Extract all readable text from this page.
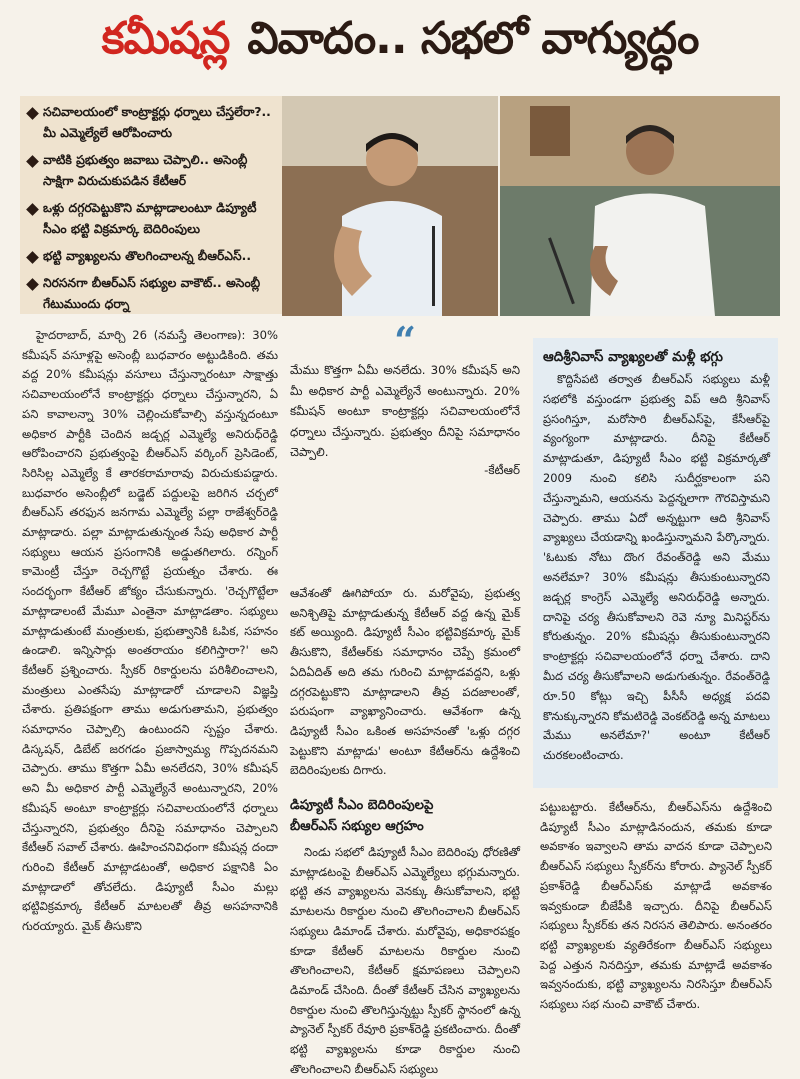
కమీషన్ల వివాదం.. సభలో వాగ్యుద్ధం
సచివాలయంలో కాంట్రాక్టర్లు ధర్నాలు చేస్తలేరా?.. మీ ఎమ్మెల్యేలే ఆరోపించారు
వాటికి ప్రభుత్వం జవాబు చెప్పాలి.. అసెంబ్లీ సాక్షిగా విరుచుకుపడిన కేటీఆర్
ఒళ్లు దగ్గరపెట్టుకొని మాట్లాడాలంటూ డిప్యూటీ సీఎం భట్టి విక్రమార్క బెదిరింపులు
భట్టి వ్యాఖ్యలను తొలగించాలన్న బీఆర్‌ఎస్..
నిరసనగా బీఆర్‌ఎస్ సభ్యుల వాకౌట్.. అసెంబ్లీ గేటుముందు ధర్నా

హైదరాబాద్, మార్చి 26 (నమస్తే తెలంగాణ): 30% కమీషన్ వసూళ్లపై అసెంబ్లీ బుధవారం అట్టుడికింది. తమ వద్ద 20% కమీషన్లు వసూలు చేస్తున్నారంటూ సాక్షాత్తు సచివాలయంలోనే కాంట్రాక్టర్లు ధర్నాలు చేస్తున్నారని, ఏ పని కావాలన్నా 30% చెల్లించుకోవాల్సి వస్తున్నదంటూ అధికార పార్టీకి చెందిన జడ్చర్ల ఎమ్మెల్యే అనిరుధ్‌రెడ్డి ఆరోపించారని ప్రభుత్వంపై బీఆర్‌ఎస్ వర్కింగ్ ప్రెసిడెంట్, సిరిసిల్ల ఎమ్మెల్యే కే తారకరామారావు విరుచుకుపడ్డారు. బుధవారం అసెంబ్లీలో బడ్జెట్ పద్దులపై జరిగిన చర్చలో బీఆర్‌ఎస్ తరఫున జనగామ ఎమ్మెల్యే పల్లా రాజేశ్వర్‌రెడ్డి మాట్లాడారు. పల్లా మాట్లాడుతున్నంత సేపు అధికార పార్టీ సభ్యులు ఆయన ప్రసంగానికి అడ్డుతగిలారు. రన్నింగ్ కామెంట్రీ చేస్తూ రెచ్చగొట్టే ప్రయత్నం చేశారు. ఈ సందర్భంగా కేటీఆర్ జోక్యం చేసుకున్నారు. 'రెచ్చగొట్టేలా మాట్లాడాలంటే మేమూ ఎంతైనా మాట్లాడతాం. సభ్యులు మాట్లాడుతుంటే మంత్రులకు, ప్రభుత్వానికి ఓపిక, సహనం ఉండాలి. ఇన్నిసార్లు అంతరాయం కలిగిస్తారా?' అని కేటీఆర్ ప్రశ్నించారు. స్పీకర్ రికార్డులను పరిశీలించాలని, మంత్రులు ఎంతసేపు మాట్లాడారో చూడాలని విజ్ఞప్తి చేశారు. ప్రతిపక్షంగా తాము అడుగుతామని, ప్రభుత్వం సమాధానం చెప్పాల్సి ఉంటుందని స్పష్టం చేశారు. డిస్కషన్, డిబేట్ జరగడం ప్రజాస్వామ్య గొప్పదనమని చెప్పారు. తాము కొత్తగా ఏమీ అనలేదని, 30% కమీషన్ అని మీ అధికార పార్టీ ఎమ్మెల్యేనే అంటున్నారని, 20% కమీషన్ అంటూ కాంట్రాక్టర్లు సచివాలయంలోనే ధర్నాలు చేస్తున్నారని, ప్రభుత్వం దీనిపై సమాధానం చెప్పాలని కేటీఆర్ సవాల్ చేశారు. ఊహించనివిధంగా కమీషన్ల దందా గురించి కేటీఆర్ మాట్లాడటంతో, అధికార పక్షానికి ఏం మాట్లాడాలో తోచలేదు. డిప్యూటీ సీఎం మల్లు భట్టివిక్రమార్క కేటీఆర్ మాటలతో తీవ్ర అసహనానికి గురయ్యారు. మైక్ తీసుకొని

“
మేము కొత్తగా ఏమీ అనలేదు. 30% కమీషన్ అని మీ అధికార పార్టీ ఎమ్మెల్యేనే అంటున్నారు. 20% కమీషన్ అంటూ కాంట్రాక్టర్లు సచివాలయంలోనే ధర్నాలు చేస్తున్నారు. ప్రభుత్వం దీనిపై సమాధానం చెప్పాలి.
-కేటీఆర్

ఆవేశంతో ఊగిపోయా రు. మరోవైపు, ప్రభుత్వ అనిశ్చితిపై మాట్లాడుతున్న కేటీఆర్ వద్ద ఉన్న మైక్ కట్ అయ్యింది. డిప్యూటీ సీఎం భట్టివిక్రమార్క మైక్ తీసుకొని, కేటీఆర్‌కు సమాధానం చెప్పే క్రమంలో ఏదిఏదిత్ అది తమ గురించి మాట్లాడవద్దని, ఒళ్లు దగ్గరపెట్టుకొని మాట్లాడాలని తీవ్ర పదజాలంతో, పరుషంగా వ్యాఖ్యానించారు. ఆవేశంగా ఉన్న డిప్యూటీ సీఎం ఒకింత అసహనంతో 'ఒళ్లు దగ్గర పెట్టుకొని మాట్లాడు' అంటూ కేటీఆర్‌ను ఉద్దేశించి బెదిరింపులకు దిగారు.

డిప్యూటీ సీఎం బెదిరింపులపై
బీఆర్‌ఎస్ సభ్యుల ఆగ్రహం

నిండు సభలో డిప్యూటీ సీఎం బెదిరింపు ధోరణితో మాట్లాడటంపై బీఆర్‌ఎస్ ఎమ్మెల్యేలు భగ్గుమన్నారు. భట్టి తన వ్యాఖ్యలను వెనక్కు తీసుకోవాలని, భట్టి మాటలను రికార్డుల నుంచి తొలగించాలని బీఆర్‌ఎస్ సభ్యులు డిమాండ్ చేశారు. మరోవైపు, అధికారపక్షం కూడా కేటీఆర్ మాటలను రికార్డుల నుంచి తొలగించాలని, కేటీఆర్ క్షమాపణలు చెప్పాలని డిమాండ్ చేసింది. దీంతో కేటీఆర్ చేసిన వ్యాఖ్యలను రికార్డుల నుంచి తొలగిస్తున్నట్టు స్పీకర్ స్థానంలో ఉన్న ప్యానెల్ స్పీకర్ రేవూరి ప్రకాశ్‌రెడ్డి ప్రకటించారు. దీంతో భట్టి వ్యాఖ్యలను కూడా రికార్డుల నుంచి తొలగించాలని బీఆర్‌ఎస్ సభ్యులు

ఆదిశ్రీనివాస్ వ్యాఖ్యలతో మళ్లీ భగ్గు

కొద్దిసేపటి తర్వాత బీఆర్‌ఎస్ సభ్యులు మళ్లీ సభలోకి వస్తుండగా ప్రభుత్వ విప్ ఆది శ్రీనివాస్ ప్రసంగిస్తూ, మరోసారి బీఆర్‌ఎస్‌పై, కేసీఆర్‌పై వ్యంగ్యంగా మాట్లాడారు. దీనిపై కేటీఆర్ మాట్లాడుతూ, డిప్యూటీ సీఎం భట్టి విక్రమార్కతో 2009 నుంచి కలిసి సుదీర్ఘకాలంగా పని చేస్తున్నామని, ఆయనను పెద్దన్నలాగా గౌరవిస్తామని చెప్పారు. తాము ఏదో అన్నట్టుగా ఆది శ్రీనివాస్ వ్యాఖ్యలు చేయడాన్ని ఖండిస్తున్నామని పేర్కొన్నారు. 'ఓటుకు నోటు దొంగ రేవంత్‌రెడ్డి అని మేము అనలేమా? 30% కమీషన్లు తీసుకుంటున్నారని జడ్చర్ల కాంగ్రెస్ ఎమ్మెల్యే అనిరుధ్‌రెడ్డి అన్నారు. దానిపై చర్య తీసుకోవాలని రెవె న్యూ మినిస్టర్‌ను కోరుతున్నం. 20% కమీషన్లు తీసుకుంటున్నారని కాంట్రాక్టర్లు సచివాలయంలోనే ధర్నా చేశారు. దాని మీద చర్య తీసుకోవాలని అడుగుతున్నం. రేవంత్‌రెడ్డి రూ.50 కోట్లు ఇచ్చి పీసీసీ అధ్యక్ష పదవి కొనుక్కున్నారని కోమటిరెడ్డి వెంకట్‌రెడ్డి అన్న మాటలు మేము అనలేమా?' అంటూ కేటీఆర్ చురకలంటించారు.

పట్టుబట్టారు. కేటీఆర్‌ను, బీఆర్‌ఎస్‌ను ఉద్దేశించి డిప్యూటీ సీఎం మాట్లాడినందున, తమకు కూడా అవకాశం ఇవ్వాలని తామ వాదన కూడా చెప్పాలని బీఆర్‌ఎస్ సభ్యులు స్పీకర్‌ను కోరారు. ప్యానెల్ స్పీకర్ ప్రకాశ్‌రెడ్డి బీఆర్‌ఎస్‌కు మాట్లాడే అవకాశం ఇవ్వకుండా బీజేపీకి ఇచ్చారు. దీనిపై బీఆర్‌ఎస్ సభ్యులు స్పీకర్‌కు తన నిరసన తెలిపారు. అనంతరం భట్టి వ్యాఖ్యలకు వ్యతిరేకంగా బీఆర్‌ఎస్ సభ్యులు పెద్ద ఎత్తున నినదిస్తూ, తమకు మాట్లాడే అవకాశం ఇవ్వనందుకు, భట్టి వ్యాఖ్యలను నిరసిస్తూ బీఆర్‌ఎస్ సభ్యులు సభ నుంచి వాకౌట్ చేశారు.
